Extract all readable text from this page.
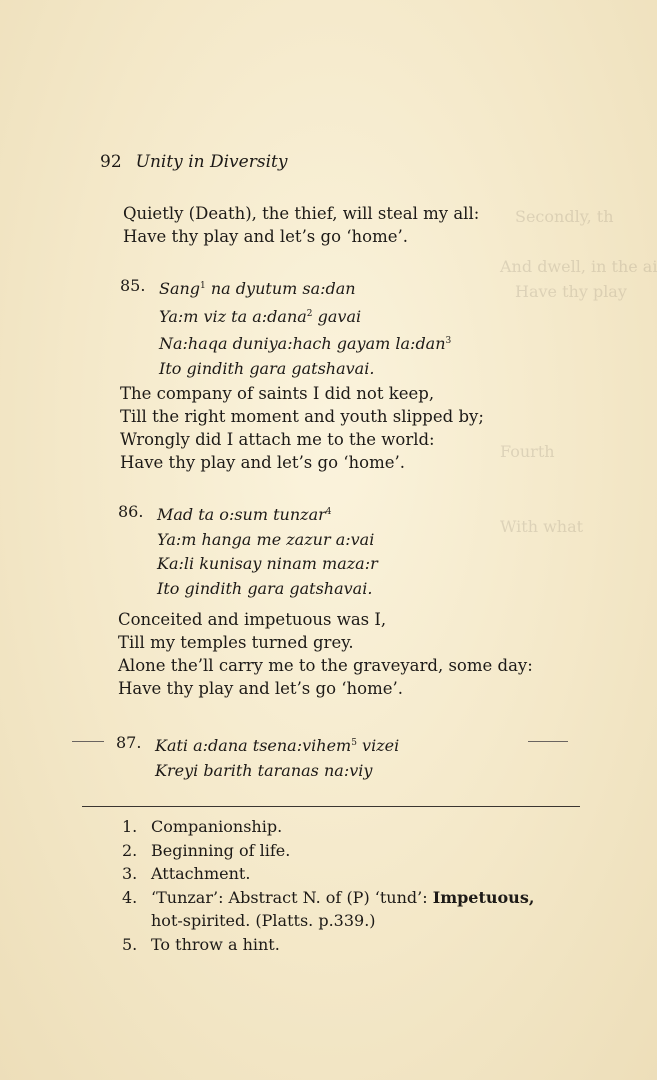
Secondly, th
And dwell, in the ai
Have thy play
Fourth
With what
92 Unity in Diversity
Quietly (Death), the thief, will steal my all:
Have thy play and let’s go ‘home’.
85. Sang$^1$ na dyutum sa:dan
Ya:m viz ta a:dana$^2$ gavai
Na:haqa duniya:hach gayam la:dan$^3$
Ito gindith gara gatshavai.
The company of saints I did not keep,
Till the right moment and youth slipped by;
Wrongly did I attach me to the world:
Have thy play and let’s go ‘home’.
86. Mad ta o:sum tunzar$^4$
Ya:m hanga me zazur a:vai
Ka:li kunisay ninam maza:r
Ito gindith gara gatshavai.
Conceited and impetuous was I,
Till my temples turned grey.
Alone the’ll carry me to the graveyard, some day:
Have thy play and let’s go ‘home’.
87. Kati a:dana tsena:vihem$^5$ vizei
Kreyi barith taranas na:viy
1. Companionship.
2. Beginning of life.
3. Attachment.
4. ‘Tunzar’: Abstract N. of (P) ‘tund’: Impetuous,
hot-spirited. (Platts. p.339.)
5. To throw a hint.
